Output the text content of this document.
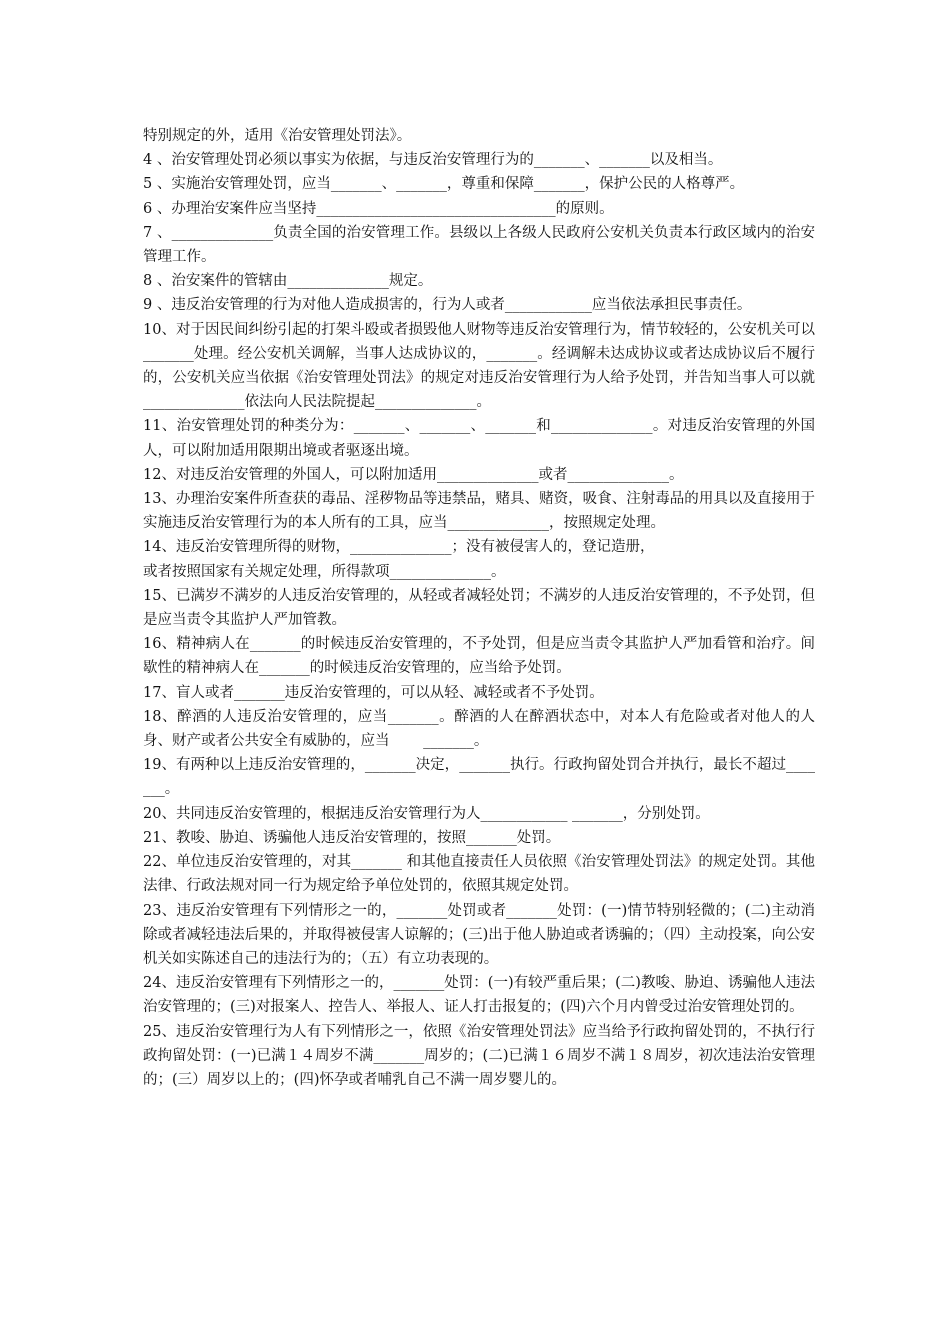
特别规定的外，适用《治安管理处罚法》。

4 、治安管理处罚必须以事实为依据，与违反治安管理行为的_______、_______以及相当。

5 、实施治安管理处罚，应当_______、_______，尊重和保障_______，保护公民的人格尊严。

6 、办理治安案件应当坚持_________________________________的原则。

7 、______________负责全国的治安管理工作。县级以上各级人民政府公安机关负责本行政区域内的治安管理工作。

8 、治安案件的管辖由______________规定。

9 、违反治安管理的行为对他人造成损害的，行为人或者____________应当依法承担民事责任。

10、对于因民间纠纷引起的打架斗殴或者损毁他人财物等违反治安管理行为，情节较轻的，公安机关可以_______处理。经公安机关调解，当事人达成协议的，_______。经调解未达成协议或者达成协议后不履行的，公安机关应当依据《治安管理处罚法》的规定对违反治安管理行为人给予处罚，并告知当事人可以就______________依法向人民法院提起______________。

11、治安管理处罚的种类分为：_______、_______、_______和______________。对违反治安管理的外国人，可以附加适用限期出境或者驱逐出境。

12、对违反治安管理的外国人，可以附加适用______________或者______________。

13、办理治安案件所查获的毒品、淫秽物品等违禁品，赌具、赌资，吸食、注射毒品的用具以及直接用于实施违反治安管理行为的本人所有的工具，应当______________，按照规定处理。

14、违反治安管理所得的财物，______________；没有被侵害人的，登记造册，
或者按照国家有关规定处理，所得款项______________。

15、已满岁不满岁的人违反治安管理的，从轻或者减轻处罚；不满岁的人违反治安管理的，不予处罚，但是应当责令其监护人严加管教。

16、精神病人在_______的时候违反治安管理的，不予处罚，但是应当责令其监护人严加看管和治疗。间歇性的精神病人在_______的时候违反治安管理的，应当给予处罚。

17、盲人或者_______违反治安管理的，可以从轻、减轻或者不予处罚。

18、醉酒的人违反治安管理的，应当_______。醉酒的人在醉酒状态中，对本人有危险或者对他人的人身、财产或者公共安全有威胁的，应当 　　_______。

19、有两种以上违反治安管理的，_______决定，_______执行。行政拘留处罚合并执行，最长不超过_______。

20、共同违反治安管理的，根据违反治安管理行为人____________ _______，分别处罚。

21、教唆、胁迫、诱骗他人违反治安管理的，按照_______处罚。

22、单位违反治安管理的，对其_______ 和其他直接责任人员依照《治安管理处罚法》的规定处罚。其他法律、行政法规对同一行为规定给予单位处罚的，依照其规定处罚。

23、违反治安管理有下列情形之一的，_______处罚或者_______处罚：(一)情节特别轻微的；(二)主动消除或者减轻违法后果的，并取得被侵害人谅解的；(三)出于他人胁迫或者诱骗的；（四）主动投案，向公安机关如实陈述自己的违法行为的；（五）有立功表现的。

24、违反治安管理有下列情形之一的，_______处罚：(一)有较严重后果；(二)教唆、胁迫、诱骗他人违法治安管理的；(三)对报案人、控告人、举报人、证人打击报复的；(四)六个月内曾受过治安管理处罚的。

25、违反治安管理行为人有下列情形之一，依照《治安管理处罚法》应当给予行政拘留处罚的，不执行行政拘留处罚：(一)已满１４周岁不满_______周岁的；(二)已满１６周岁不满１８周岁，初次违法治安管理的；(三）周岁以上的；(四)怀孕或者哺乳自己不满一周岁婴儿的。
